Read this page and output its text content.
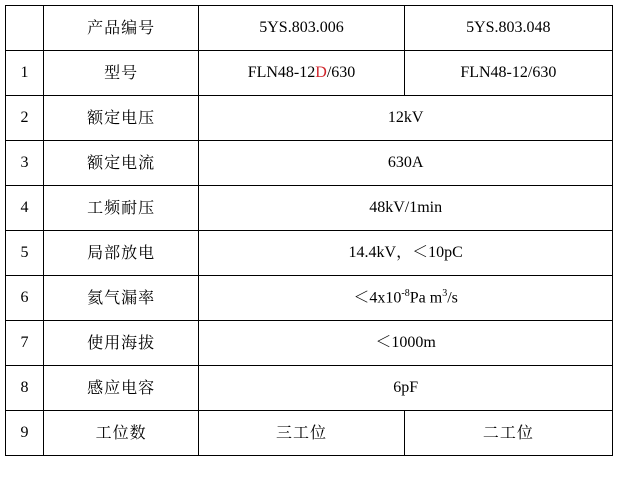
	产品编号	5YS.803.006	5YS.803.048
1	型号	FLN48-12D/630	FLN48-12/630
2	额定电压	12kV	
3	额定电流	630A	
4	工频耐压	48kV/1min	
5	局部放电	14.4kV，＜10pC	
6	氦气漏率	$<4x10^{-8}Pa$ $m^3/s$	
7	使用海拔	＜1000m	
8	感应电容	6pF	
9	工位数	三工位	二工位
